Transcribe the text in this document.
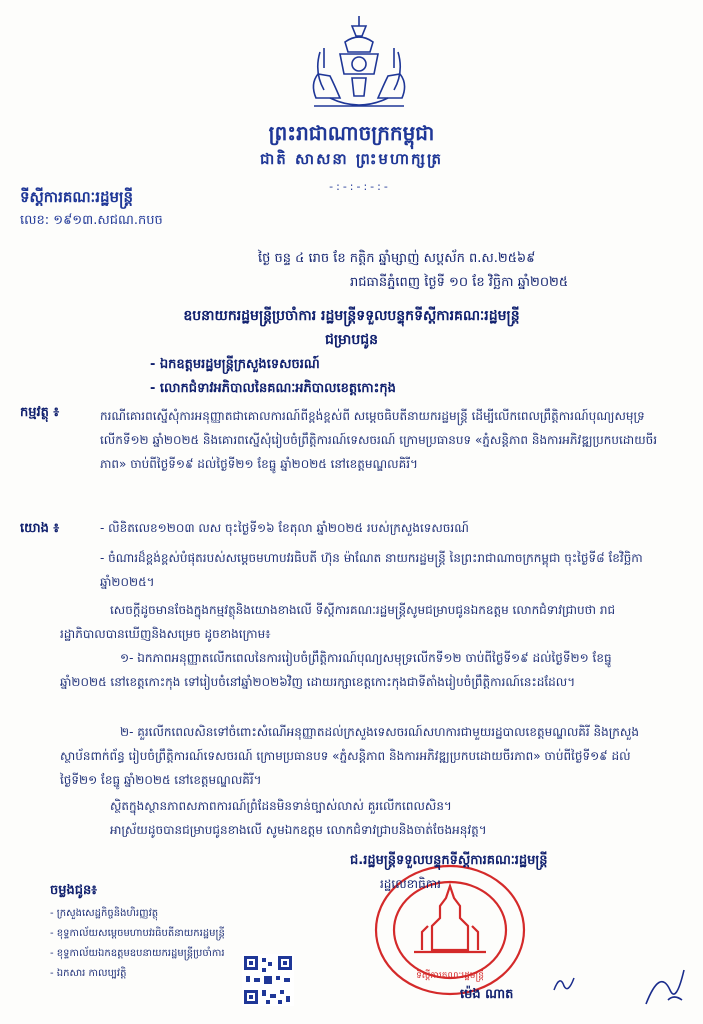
ព្រះរាជាណាចក្រកម្ពុជា
ជាតិ សាសនា ព្រះមហាក្សត្រ
-:-:-:-:-
ទីស្តីការគណៈរដ្ឋមន្ត្រី
លេខ: ១៩១៣.សជណ.កបច
ថ្ងៃ ចន្ទ ៤ រោច ខែ កត្តិក ឆ្នាំម្សាញ់ សប្តស័ក ព.ស.២៥៦៩
រាជធានីភ្នំពេញ ថ្ងៃទី ១០ ខែ វិច្ឆិកា ឆ្នាំ២០២៥
ឧបនាយករដ្ឋមន្ត្រីប្រចាំការ រដ្ឋមន្ត្រីទទួលបន្ទុកទីស្តីការគណៈរដ្ឋមន្ត្រី
ជម្រាបជូន
- ឯកឧត្តមរដ្ឋមន្ត្រីក្រសួងទេសចរណ៍
- លោកជំទាវអភិបាលនៃគណៈអភិបាលខេត្តកោះកុង
កម្មវត្ថុ ៖	ករណីគោរពស្នើសុំការអនុញ្ញាតជាគោលការណ៍ពីខ្ពង់ខ្ពស់ពី សម្តេចធិបតីនាយករដ្ឋមន្ត្រី ដើម្បីលើកពេលព្រឹត្តិការណ៍បុណ្យសមុទ្រលើកទី១២ ឆ្នាំ២០២៥ និងគោរពស្នើសុំរៀបចំព្រឹត្តិការណ៍ទេសចរណ៍ ក្រោមប្រធានបទ «ភ្នំសន្តិភាព និងការអភិវឌ្ឍប្រកបដោយចីរភាព» ចាប់ពីថ្ងៃទី១៩ ដល់ថ្ងៃទី២១ ខែធ្នូ ឆ្នាំ២០២៥ នៅខេត្តមណ្ឌលគិរី។
យោង ៖	- លិខិតលេខ១២០៣ លស ចុះថ្ងៃទី១៦ ខែតុលា ឆ្នាំ២០២៥ របស់ក្រសួងទេសចរណ៍
- ចំណារដ៏ខ្ពង់ខ្ពស់បំផុតរបស់សម្តេចមហាបវរធិបតី ហ៊ុន ម៉ាណែត នាយករដ្ឋមន្ត្រី នៃព្រះរាជាណាចក្រកម្ពុជា ចុះថ្ងៃទី៨ ខែវិច្ឆិកា ឆ្នាំ២០២៥។
សេចក្តីដូចមានចែងក្នុងកម្មវត្ថុនិងយោងខាងលើ ទីស្តីការគណៈរដ្ឋមន្ត្រីសូមជម្រាបជូនឯកឧត្តម លោកជំទាវជ្រាបថា រាជរដ្ឋាភិបាលបានឃើញនិងសម្រេច ដូចខាងក្រោម៖
១- ឯកភាពអនុញ្ញាតលើកពេលនៃការរៀបចំព្រឹត្តិការណ៍បុណ្យសមុទ្រលើកទី១២ ចាប់ពីថ្ងៃទី១៩ ដល់ថ្ងៃទី២១ ខែធ្នូ ឆ្នាំ២០២៥ នៅខេត្តកោះកុង ទៅរៀបចំនៅឆ្នាំ២០២៦វិញ ដោយរក្សាខេត្តកោះកុងជាទីតាំងរៀបចំព្រឹត្តិការណ៍នេះដដែល។
២- គួរលើកពេលសិនទៅចំពោះសំណើអនុញ្ញាតដល់ក្រសួងទេសចរណ៍សហការជាមួយរដ្ឋបាលខេត្តមណ្ឌលគិរី និងក្រសួង ស្ថាប័នពាក់ព័ន្ធ រៀបចំព្រឹត្តិការណ៍ទេសចរណ៍ ក្រោមប្រធានបទ «ភ្នំសន្តិភាព និងការអភិវឌ្ឍប្រកបដោយចីរភាព» ចាប់ពីថ្ងៃទី១៩ ដល់ថ្ងៃទី២១ ខែធ្នូ ឆ្នាំ២០២៥ នៅខេត្តមណ្ឌលគិរី។
ស្ថិតក្នុងស្ថានភាពសភាពការណ៍ព្រំដែនមិនទាន់ច្បាស់លាស់ គួរលើកពេលសិន។
អាស្រ័យដូចបានជម្រាបជូនខាងលើ សូមឯកឧត្តម លោកជំទាវជ្រាបនិងចាត់ចែងអនុវត្ត។
ទីស្តីការគណៈរដ្ឋមន្ត្រី
ជ.រដ្ឋមន្ត្រីទទួលបន្ទុកទីស្តីការគណៈរដ្ឋមន្ត្រី
រដ្ឋលេខាធិការ
ម៉េង ណាត
ចម្លងជូន៖
- ក្រសួងសេដ្ឋកិច្ចនិងហិរញ្ញវត្ថុ
- ខុទ្ទកាល័យសម្តេចមហាបវរធិបតីនាយករដ្ឋមន្ត្រី
- ខុទ្ទកាល័យឯកឧត្តមឧបនាយករដ្ឋមន្ត្រីប្រចាំការ
- ឯកសារ កាលប្បវត្តិ
